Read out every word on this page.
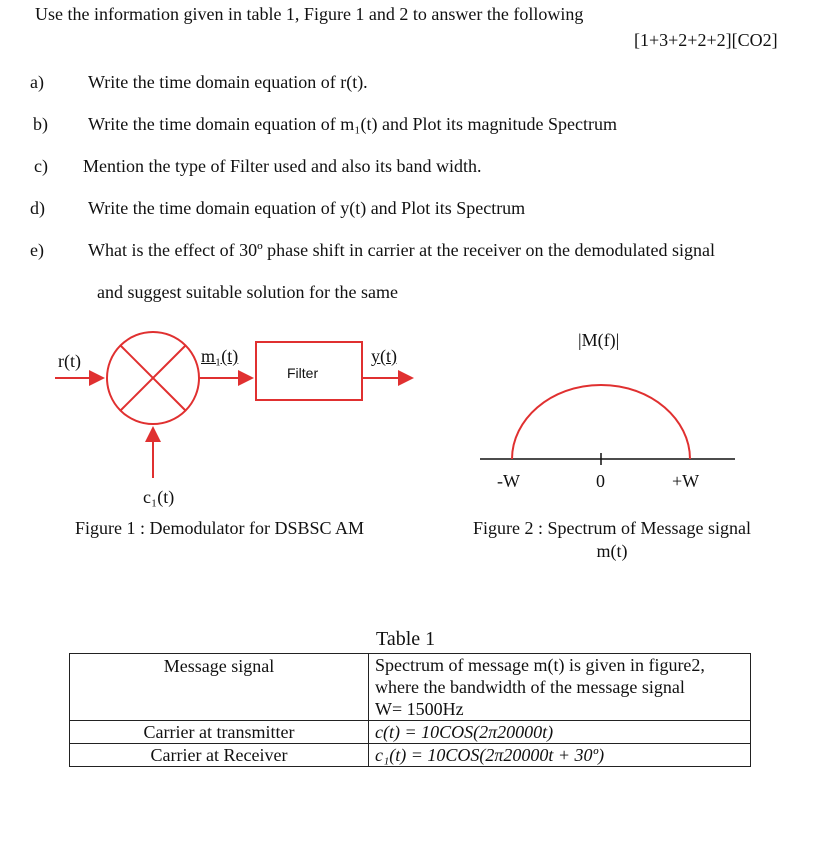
Use the information given in table 1, Figure 1 and 2 to answer the following
[1+3+2+2+2][CO2]
a) Write the time domain equation of r(t).
b) Write the time domain equation of m₁(t) and Plot its magnitude Spectrum
c) Mention the type of Filter used and also its band width.
d) Write the time domain equation of y(t) and Plot its Spectrum
e) What is the effect of 30º phase shift in carrier at the receiver on the demodulated signal
and suggest suitable solution for the same
r(t)	m₁(t)
Filter
y(t)
c₁(t)
Figure 1 : Demodulator for DSBSC AM
|M(f)|
-W	0	+W
Figure 2 : Spectrum of Message signal
m(t)
Table 1
Message signal	Spectrum of message m(t) is given in figure2,
where the bandwidth of the message signal
W= 1500Hz

Carrier at transmitter	c(t) = 10COS(2π20000t)
Carrier at Receiver	c₁(t) = 10COS(2π20000t + 30º)
